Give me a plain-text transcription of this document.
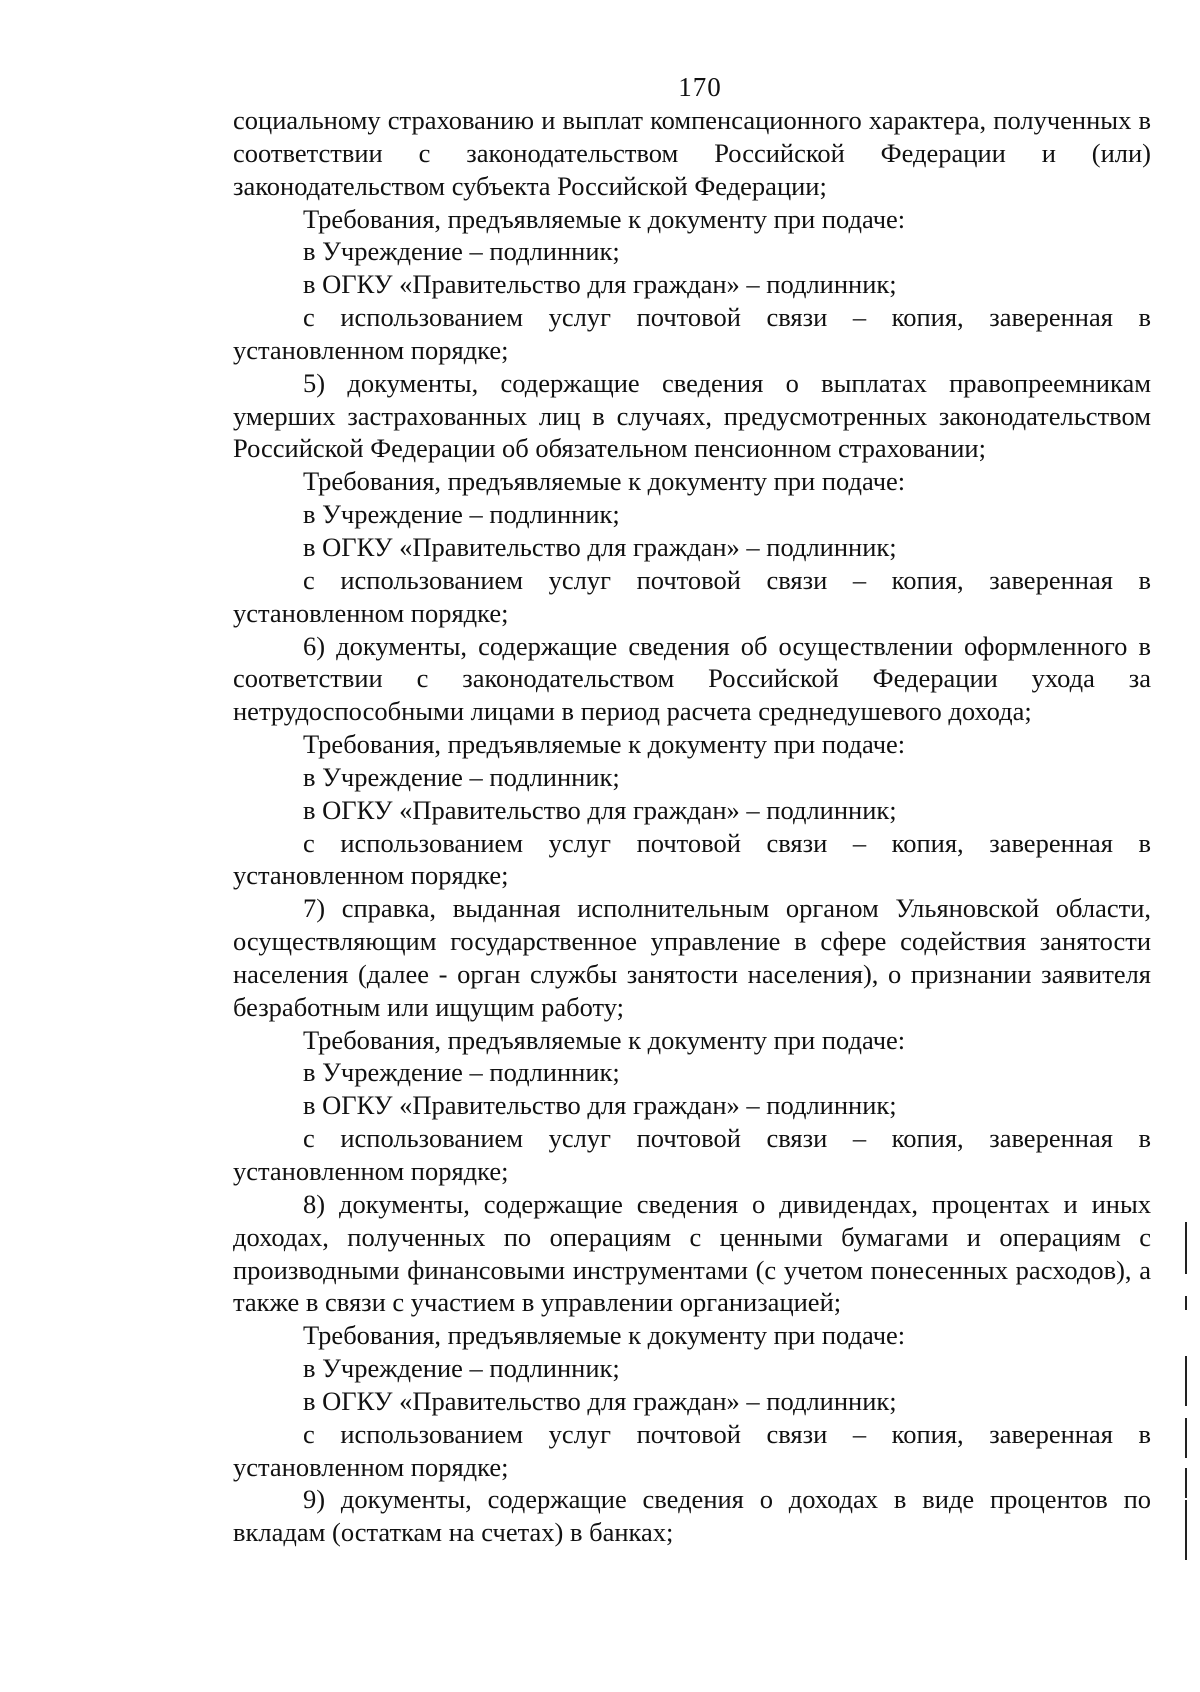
170

социальному страхованию и выплат компенсационного характера, полученных в соответствии с законодательством Российской Федерации и (или) законодательством субъекта Российской Федерации;

Требования, предъявляемые к документу при подаче:

в Учреждение – подлинник;

в ОГКУ «Правительство для граждан» – подлинник;

с использованием услуг почтовой связи – копия, заверенная в установленном порядке;

5) документы, содержащие сведения о выплатах правопреемникам умерших застрахованных лиц в случаях, предусмотренных законодательством Российской Федерации об обязательном пенсионном страховании;

Требования, предъявляемые к документу при подаче:

в Учреждение – подлинник;

в ОГКУ «Правительство для граждан» – подлинник;

с использованием услуг почтовой связи – копия, заверенная в установленном порядке;

6) документы, содержащие сведения об осуществлении оформленного в соответствии с законодательством Российской Федерации ухода за нетрудоспособными лицами в период расчета среднедушевого дохода;

Требования, предъявляемые к документу при подаче:

в Учреждение – подлинник;

в ОГКУ «Правительство для граждан» – подлинник;

с использованием услуг почтовой связи – копия, заверенная в установленном порядке;

7) справка, выданная исполнительным органом Ульяновской области, осуществляющим государственное управление в сфере содействия занятости населения (далее - орган службы занятости населения), о признании заявителя безработным или ищущим работу;

Требования, предъявляемые к документу при подаче:

в Учреждение – подлинник;

в ОГКУ «Правительство для граждан» – подлинник;

с использованием услуг почтовой связи – копия, заверенная в установленном порядке;

8) документы, содержащие сведения о дивидендах, процентах и иных доходах, полученных по операциям с ценными бумагами и операциям с производными финансовыми инструментами (с учетом понесенных расходов), а также в связи с участием в управлении организацией;

Требования, предъявляемые к документу при подаче:

в Учреждение – подлинник;

в ОГКУ «Правительство для граждан» – подлинник;

с использованием услуг почтовой связи – копия, заверенная в установленном порядке;

9) документы, содержащие сведения о доходах в виде процентов по вкладам (остаткам на счетах) в банках;
